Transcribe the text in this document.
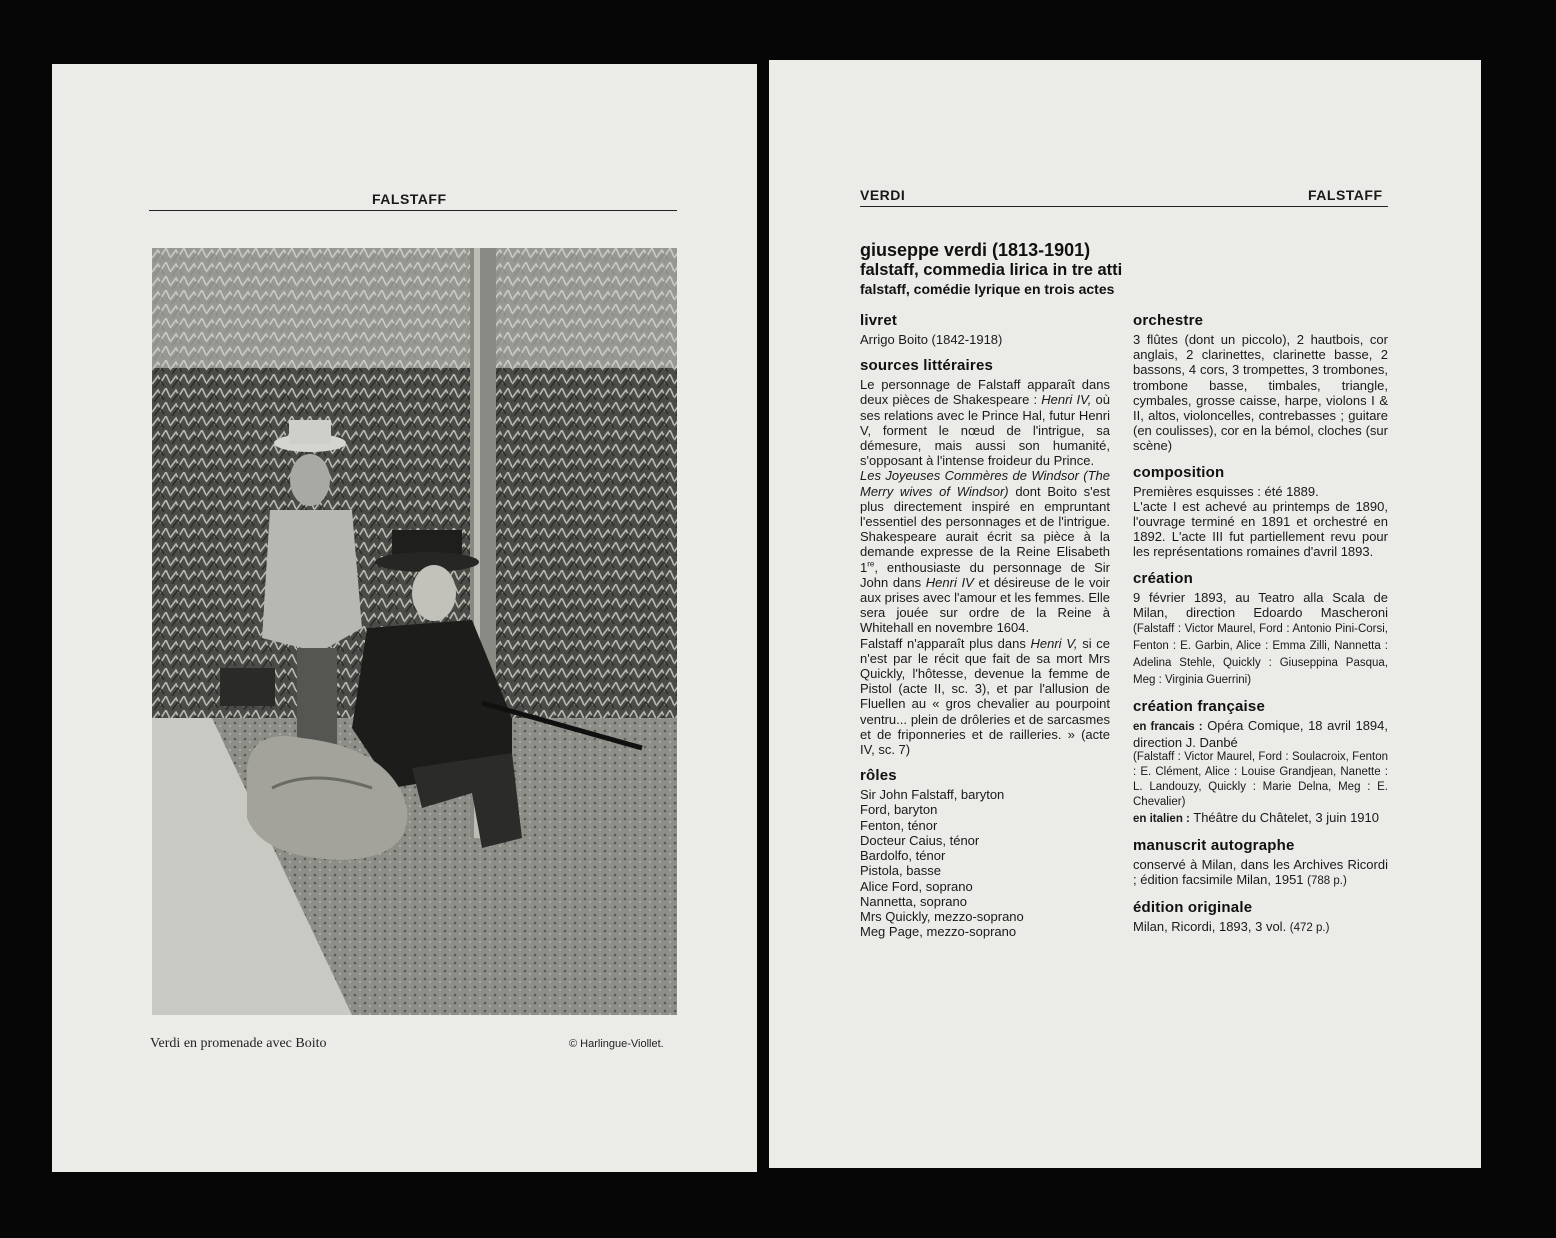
FALSTAFF
Verdi en promenade avec Boito	© Harlingue-Viollet.
VERDI	FALSTAFF
giuseppe verdi (1813-1901)
falstaff, commedia lirica in tre atti
falstaff, comédie lyrique en trois actes
livret

Arrigo Boito (1842-1918)

sources littéraires

Le personnage de Falstaff apparaît dans deux pièces de Shakespeare : Henri IV, où ses relations avec le Prince Hal, futur Henri V, forment le nœud de l'intrigue, sa démesure, mais aussi son humanité, s'opposant à l'intense froideur du Prince.

Les Joyeuses Commères de Windsor (The Merry wives of Windsor) dont Boito s'est plus directement inspiré en empruntant l'essentiel des personnages et de l'intrigue. Shakespeare aurait écrit sa pièce à la demande expresse de la Reine Elisabeth 1re, enthousiaste du personnage de Sir John dans Henri IV et désireuse de le voir aux prises avec l'amour et les femmes. Elle sera jouée sur ordre de la Reine à Whitehall en novembre 1604.

Falstaff n'apparaît plus dans Henri V, si ce n'est par le récit que fait de sa mort Mrs Quickly, l'hôtesse, devenue la femme de Pistol (acte II, sc. 3), et par l'allusion de Fluellen au « gros chevalier au pourpoint ventru... plein de drôleries et de sarcasmes et de friponneries et de railleries. » (acte IV, sc. 7)

rôles

Sir John Falstaff, baryton

Ford, baryton

Fenton, ténor

Docteur Caius, ténor

Bardolfo, ténor

Pistola, basse

Alice Ford, soprano

Nannetta, soprano

Mrs Quickly, mezzo-soprano

Meg Page, mezzo-soprano

orchestre

3 flûtes (dont un piccolo), 2 hautbois, cor anglais, 2 clarinettes, clarinette basse, 2 bassons, 4 cors, 3 trompettes, 3 trombones, trombone basse, timbales, triangle, cymbales, grosse caisse, harpe, violons I & II, altos, violoncelles, contrebasses ; guitare (en coulisses), cor en la bémol, cloches (sur scène)

composition

Premières esquisses : été 1889.

L'acte I est achevé au printemps de 1890, l'ouvrage terminé en 1891 et orchestré en 1892. L'acte III fut partiellement revu pour les représentations romaines d'avril 1893.

création

9 février 1893, au Teatro alla Scala de Milan, direction Edoardo Mascheroni (Falstaff : Victor Maurel, Ford : Antonio Pini-Corsi, Fenton : E. Garbin, Alice : Emma Zilli, Nannetta : Adelina Stehle, Quickly : Giuseppina Pasqua, Meg : Virginia Guerrini)

création française

en francais : Opéra Comique, 18 avril 1894, direction J. Danbé

(Falstaff : Victor Maurel, Ford : Soulacroix, Fenton : E. Clément, Alice : Louise Grandjean, Nanette : L. Landouzy, Quickly : Marie Delna, Meg : E. Chevalier)

en italien : Théâtre du Châtelet, 3 juin 1910

manuscrit autographe

conservé à Milan, dans les Archives Ricordi ; édition facsimile Milan, 1951 (788 p.)

édition originale

Milan, Ricordi, 1893, 3 vol. (472 p.)
